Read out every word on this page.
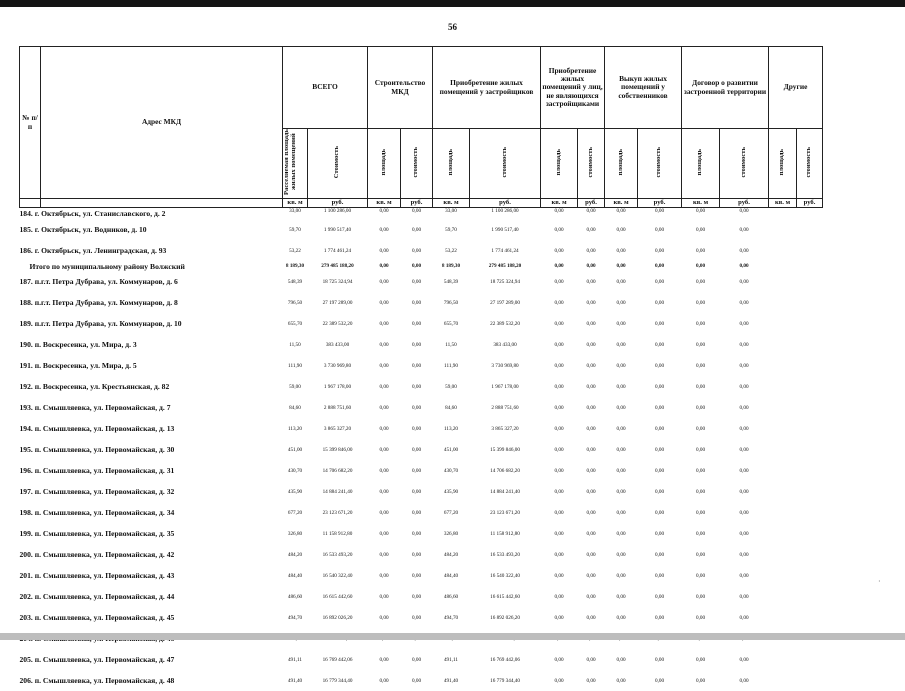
56
№ п/п	Адрес МКД	ВСЕГО		Строительство МКД		Приобретение жилых помещений у застройщиков		Приобретение жилых помещений у лиц, не являющихся застройщиками		Выкуп жилых помещений у собственников		Договор о развитии застроенной территории		Другие	
		Расселяемая площадь жилых помещений	Стоимость	площадь	стоимость	площадь	стоимость	площадь	стоимость	площадь	стоимость	площадь	стоимость	площадь	стоимость
		кв. м	руб.	кв. м	руб.	кв. м	руб.	кв. м	руб.	кв. м	руб.	кв. м	руб.	кв. м	руб.
184. г. Октябрьск, ул. Станиславского, д. 2		33,00	1 100 286,00	0,00	0,00	33,00	1 100 286,00	0,00	0,00	0,00	0,00	0,00	0,00		
185. г. Октябрьск, ул. Водников, д. 10		59,70	1 990 517,40	0,00	0,00	59,70	1 990 517,40	0,00	0,00	0,00	0,00	0,00	0,00		
186. г. Октябрьск, ул. Ленинградская, д. 93		53,22	1 774 461,24	0,00	0,00	53,22	1 774 461,24	0,00	0,00	0,00	0,00	0,00	0,00		
Итого по муниципальному району Волжский		8 189,30	279 485 188,20	0,00	0,00	8 189,30	279 485 188,20	0,00	0,00	0,00	0,00	0,00	0,00		
187. п.г.т. Петра Дубрава, ул. Коммунаров, д. 6		548,39	18 725 324,94	0,00	0,00	548,39	18 725 324,94	0,00	0,00	0,00	0,00	0,00	0,00		
188. п.г.т. Петра Дубрава, ул. Коммунаров, д. 8		796,50	27 197 289,00	0,00	0,00	796,50	27 197 289,00	0,00	0,00	0,00	0,00	0,00	0,00		
189. п.г.т. Петра Дубрава, ул. Коммунаров, д. 10		655,70	22 389 532,20	0,00	0,00	655,70	22 389 532,20	0,00	0,00	0,00	0,00	0,00	0,00		
190. п. Воскресенка, ул. Мира, д. 3		11,50	383 433,00	0,00	0,00	11,50	383 433,00	0,00	0,00	0,00	0,00	0,00	0,00		
191. п. Воскресенка, ул. Мира, д. 5		111,90	3 730 969,80	0,00	0,00	111,90	3 730 969,80	0,00	0,00	0,00	0,00	0,00	0,00		
192. п. Воскресенка, ул. Крестьянская, д. 82		59,00	1 967 178,00	0,00	0,00	59,00	1 967 178,00	0,00	0,00	0,00	0,00	0,00	0,00		
193. п. Смышляевка, ул. Первомайская, д. 7		84,60	2 888 751,60	0,00	0,00	84,60	2 888 751,60	0,00	0,00	0,00	0,00	0,00	0,00		
194. п. Смышляевка, ул. Первомайская, д. 13		113,20	3 865 327,20	0,00	0,00	113,20	3 865 327,20	0,00	0,00	0,00	0,00	0,00	0,00		
195. п. Смышляевка, ул. Первомайская, д. 30		451,00	15 399 846,00	0,00	0,00	451,00	15 399 846,00	0,00	0,00	0,00	0,00	0,00	0,00		
196. п. Смышляевка, ул. Первомайская, д. 31		430,70	14 706 682,20	0,00	0,00	430,70	14 706 682,20	0,00	0,00	0,00	0,00	0,00	0,00		
197. п. Смышляевка, ул. Первомайская, д. 32		435,90	14 884 241,40	0,00	0,00	435,90	14 884 241,40	0,00	0,00	0,00	0,00	0,00	0,00		
198. п. Смышляевка, ул. Первомайская, д. 34		677,20	23 123 671,20	0,00	0,00	677,20	23 123 671,20	0,00	0,00	0,00	0,00	0,00	0,00		
199. п. Смышляевка, ул. Первомайская, д. 35		326,80	11 158 912,80	0,00	0,00	326,80	11 158 912,80	0,00	0,00	0,00	0,00	0,00	0,00		
200. п. Смышляевка, ул. Первомайская, д. 42		484,20	16 533 493,20	0,00	0,00	484,20	16 533 493,20	0,00	0,00	0,00	0,00	0,00	0,00		
201. п. Смышляевка, ул. Первомайская, д. 43		484,40	16 540 322,40	0,00	0,00	484,40	16 540 322,40	0,00	0,00	0,00	0,00	0,00	0,00		
202. п. Смышляевка, ул. Первомайская, д. 44		486,60	16 615 442,60	0,00	0,00	486,60	16 615 442,60	0,00	0,00	0,00	0,00	0,00	0,00		
203. п. Смышляевка, ул. Первомайская, д. 45		494,70	16 892 026,20	0,00	0,00	494,70	16 892 026,20	0,00	0,00	0,00	0,00	0,00	0,00		

205. п. Смышляевка, ул. Первомайская, д. 47		491,11	16 769 442,06	0,00	0,00	491,11	16 769 442,06	0,00	0,00	0,00	0,00	0,00	0,00		
206. п. Смышляевка, ул. Первомайская, д. 48		491,40	16 779 344,40	0,00	0,00	491,40	16 779 344,40	0,00	0,00	0,00	0,00	0,00	0,00		
·
